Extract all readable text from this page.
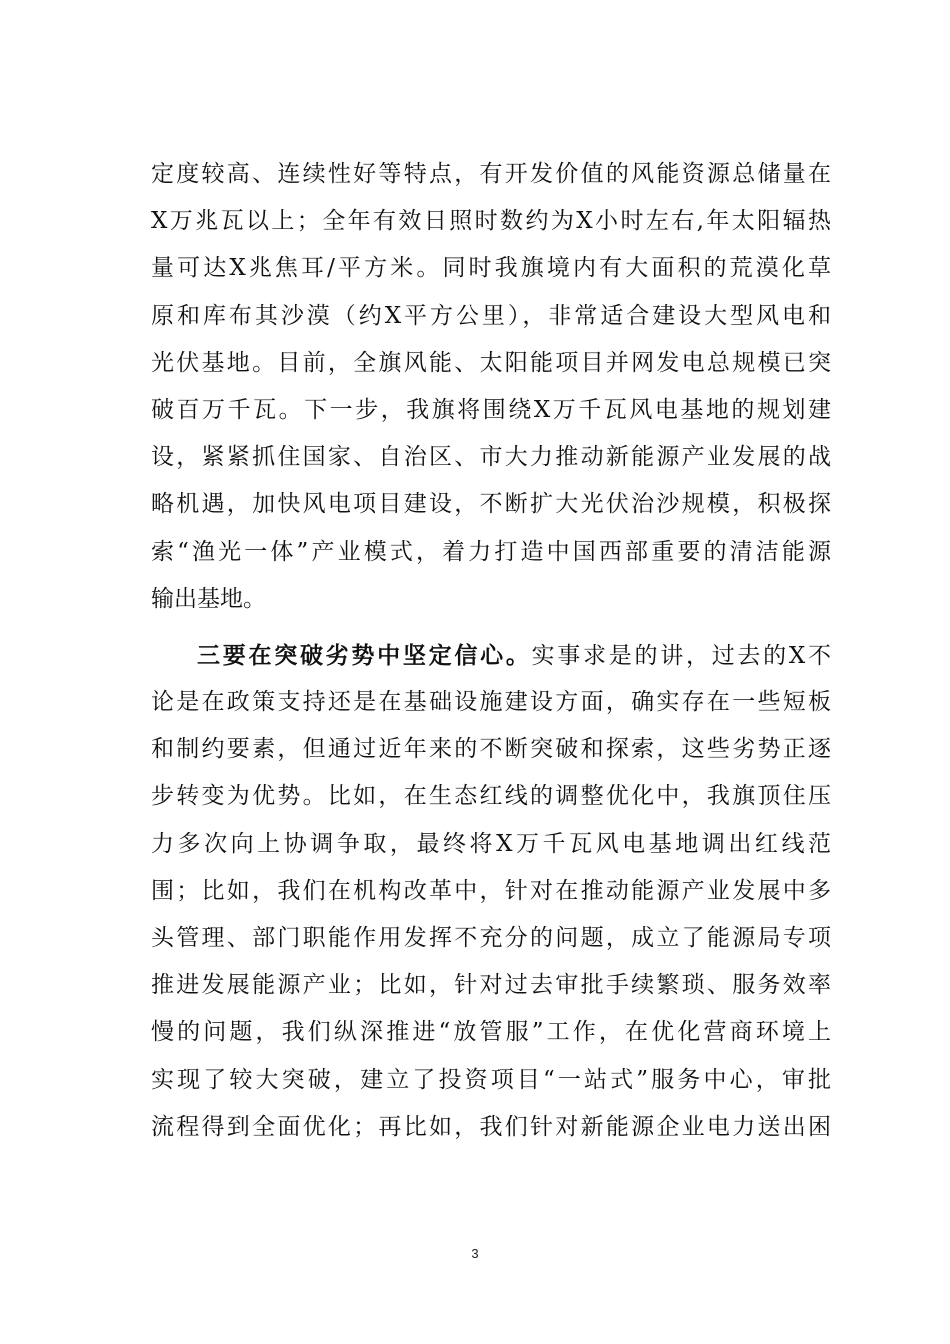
定度较高、连续性好等特点，有开发价值的风能资源总储量在
X万兆瓦以上；全年有效日照时数约为X小时左右,年太阳辐热
量可达X兆焦耳/平方米。同时我旗境内有大面积的荒漠化草
原和库布其沙漠（约X平方公里），非常适合建设大型风电和
光伏基地。目前，全旗风能、太阳能项目并网发电总规模已突
破百万千瓦。下一步，我旗将围绕X万千瓦风电基地的规划建
设，紧紧抓住国家、自治区、市大力推动新能源产业发展的战
略机遇，加快风电项目建设，不断扩大光伏治沙规模，积极探
索“渔光一体”产业模式，着力打造中国西部重要的清洁能源
输出基地。
三要在突破劣势中坚定信心。实事求是的讲，过去的X不
论是在政策支持还是在基础设施建设方面，确实存在一些短板
和制约要素，但通过近年来的不断突破和探索，这些劣势正逐
步转变为优势。比如，在生态红线的调整优化中，我旗顶住压
力多次向上协调争取，最终将X万千瓦风电基地调出红线范
围；比如，我们在机构改革中，针对在推动能源产业发展中多
头管理、部门职能作用发挥不充分的问题，成立了能源局专项
推进发展能源产业；比如，针对过去审批手续繁琐、服务效率
慢的问题，我们纵深推进“放管服”工作，在优化营商环境上
实现了较大突破，建立了投资项目“一站式”服务中心，审批
流程得到全面优化；再比如，我们针对新能源企业电力送出困
3
